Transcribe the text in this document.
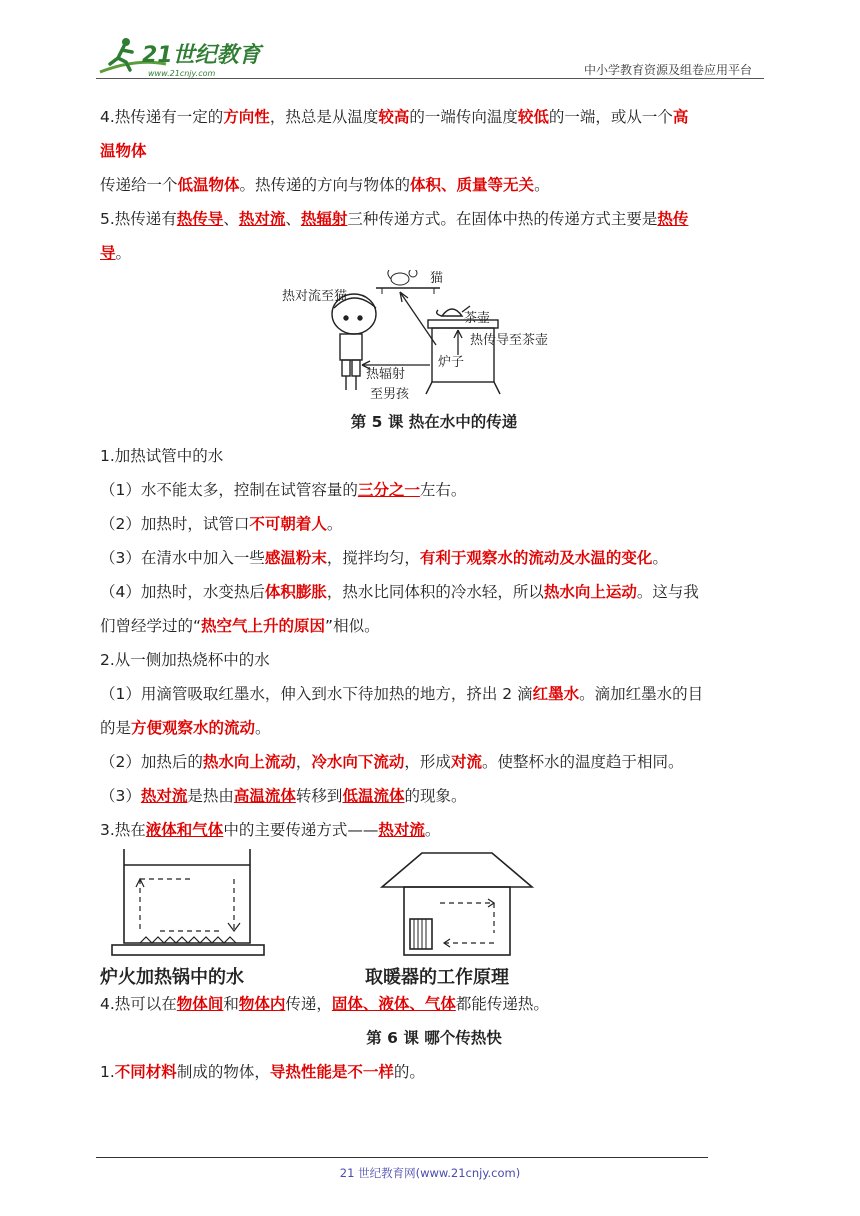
21世纪教育
www.21cnjy.com	中小学教育资源及组卷应用平台
4.热传递有一定的方向性，热总是从温度较高的一端传向温度较低的一端，或从一个高
温物体
传递给一个低温物体。热传递的方向与物体的体积、质量等无关。
5.热传递有热传导、热对流、热辐射三种传递方式。在固体中热的传递方式主要是热传
导。
猫
热对流至猫
茶壶
热传导至茶壶
炉子
热辐射
至男孩
第 5 课 热在水中的传递
1.加热试管中的水
（1）水不能太多，控制在试管容量的三分之一左右。
（2）加热时，试管口不可朝着人。
（3）在清水中加入一些感温粉末，搅拌均匀，有利于观察水的流动及水温的变化。
（4）加热时，水变热后体积膨胀，热水比同体积的冷水轻，所以热水向上运动。这与我
们曾经学过的“热空气上升的原因”相似。
2.从一侧加热烧杯中的水
（1）用滴管吸取红墨水，伸入到水下待加热的地方，挤出 2 滴红墨水。滴加红墨水的目
的是方便观察水的流动。
（2）加热后的热水向上流动，冷水向下流动，形成对流。使整杯水的温度趋于相同。
（3）热对流是热由高温流体转移到低温流体的现象。
3.热在液体和气体中的主要传递方式——热对流。
炉火加热锅中的水	取暖器的工作原理
4.热可以在物体间和物体内传递，固体、液体、气体都能传递热。
第 6 课 哪个传热快
1.不同材料制成的物体，导热性能是不一样的。
21 世纪教育网(www.21cnjy.com)
